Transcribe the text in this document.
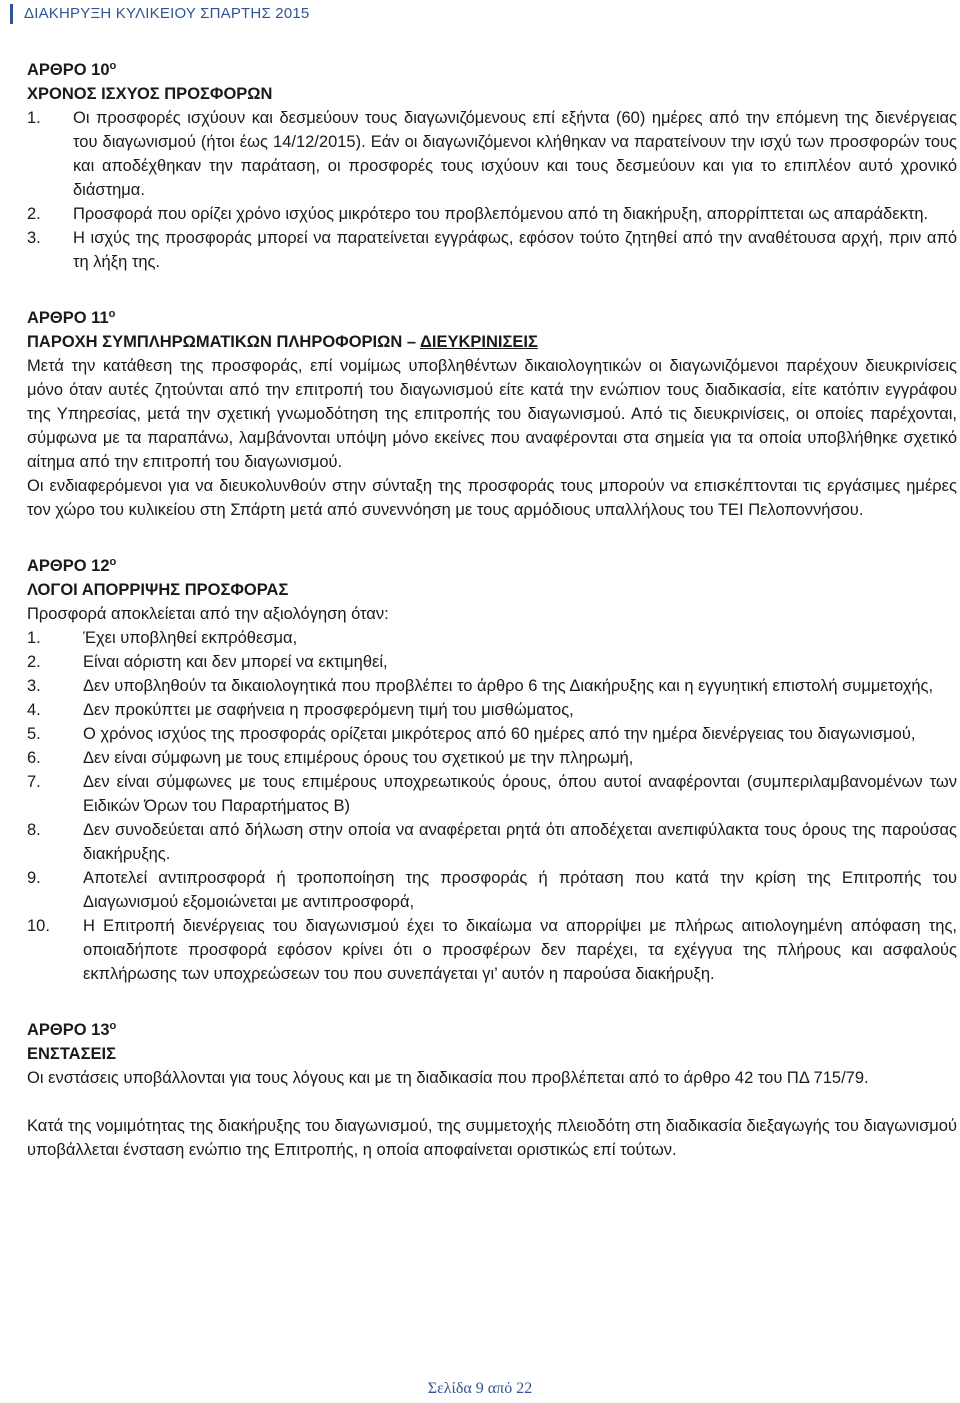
ΔΙΑΚΗΡΥΞΗ ΚΥΛΙΚΕΙΟΥ ΣΠΑΡΤΗΣ 2015
ΑΡΘΡΟ $10^o$
ΧΡΟΝΟΣ ΙΣΧΥΟΣ ΠΡΟΣΦΟΡΩΝ
1. Οι προσφορές ισχύουν και δεσμεύουν τους διαγωνιζόμενους επί εξήντα (60) ημέρες από την επόμενη της διενέργειας του διαγωνισμού (ήτοι έως 14/12/2015). Εάν οι διαγωνιζόμενοι κλήθηκαν να παρατείνουν την ισχύ των προσφορών τους και αποδέχθηκαν την παράταση, οι προσφορές τους ισχύουν και τους δεσμεύουν και για το επιπλέον αυτό χρονικό διάστημα.
2. Προσφορά που ορίζει χρόνο ισχύος μικρότερο του προβλεπόμενου από τη διακήρυξη, απορρίπτεται ως απαράδεκτη.
3. Η ισχύς της προσφοράς μπορεί να παρατείνεται εγγράφως, εφόσον τούτο ζητηθεί από την αναθέτουσα αρχή, πριν από τη λήξη της.
ΑΡΘΡΟ $11^o$
ΠΑΡΟΧΗ ΣΥΜΠΛΗΡΩΜΑΤΙΚΩΝ ΠΛΗΡΟΦΟΡΙΩΝ – ΔΙΕΥΚΡΙΝΙΣΕΙΣ
Μετά την κατάθεση της προσφοράς, επί νομίμως υποβληθέντων δικαιολογητικών οι διαγωνιζόμενοι παρέχουν διευκρινίσεις μόνο όταν αυτές ζητούνται από την επιτροπή του διαγωνισμού είτε κατά την ενώπιον τους διαδικασία, είτε κατόπιν εγγράφου της Υπηρεσίας, μετά την σχετική γνωμοδότηση της επιτροπής του διαγωνισμού. Από τις διευκρινίσεις, οι οποίες παρέχονται, σύμφωνα με τα παραπάνω, λαμβάνονται υπόψη μόνο εκείνες που αναφέρονται στα σημεία για τα οποία υποβλήθηκε σχετικό αίτημα από την επιτροπή του διαγωνισμού.
Οι ενδιαφερόμενοι για να διευκολυνθούν στην σύνταξη της προσφοράς τους μπορούν να επισκέπτονται τις εργάσιμες ημέρες τον χώρο του κυλικείου στη Σπάρτη μετά από συνεννόηση με τους αρμόδιους υπαλλήλους του ΤΕΙ Πελοποννήσου.
ΑΡΘΡΟ $12^o$
ΛΟΓΟΙ ΑΠΟΡΡΙΨΗΣ ΠΡΟΣΦΟΡΑΣ
Προσφορά αποκλείεται από την αξιολόγηση όταν:
1.	Έχει υποβληθεί εκπρόθεσμα,
2.	Είναι αόριστη και δεν μπορεί να εκτιμηθεί,
3.	Δεν υποβληθούν τα δικαιολογητικά που προβλέπει το άρθρο 6 της Διακήρυξης και η εγγυητική επιστολή συμμετοχής,
4.	Δεν προκύπτει με σαφήνεια η προσφερόμενη τιμή του μισθώματος,
5.	Ο χρόνος ισχύος της προσφοράς ορίζεται μικρότερος από 60 ημέρες από την ημέρα διενέργειας του διαγωνισμού,
6.	Δεν είναι σύμφωνη με τους επιμέρους όρους του σχετικού με την πληρωμή,
7.	Δεν είναι σύμφωνες με τους επιμέρους υποχρεωτικούς όρους, όπου αυτοί αναφέρονται (συμπεριλαμβανομένων των Ειδικών Όρων του Παραρτήματος Β)
8.	Δεν συνοδεύεται από δήλωση στην οποία να αναφέρεται ρητά ότι αποδέχεται ανεπιφύλακτα τους όρους της παρούσας διακήρυξης.
9.	Αποτελεί αντιπροσφορά ή τροποποίηση της προσφοράς ή πρόταση που κατά την κρίση της Επιτροπής του Διαγωνισμού εξομοιώνεται με αντιπροσφορά,
10. Η Επιτροπή διενέργειας του διαγωνισμού έχει το δικαίωμα να απορρίψει με πλήρως αιτιολογημένη απόφαση της, οποιαδήποτε προσφορά εφόσον κρίνει ότι ο προσφέρων δεν παρέχει, τα εχέγγυα της πλήρους και ασφαλούς εκπλήρωσης των υποχρεώσεων του που συνεπάγεται γι’ αυτόν η παρούσα διακήρυξη.
ΑΡΘΡΟ $13^o$
ΕΝΣΤΑΣΕΙΣ
Οι ενστάσεις υποβάλλονται για τους λόγους και με τη διαδικασία που προβλέπεται από το άρθρο 42 του ΠΔ 715/79.
Κατά της νομιμότητας της διακήρυξης του διαγωνισμού, της συμμετοχής πλειοδότη στη διαδικασία διεξαγωγής του διαγωνισμού υποβάλλεται ένσταση ενώπιο της Επιτροπής, η οποία αποφαίνεται οριστικώς επί τούτων.
Σελίδα 9 από 22
